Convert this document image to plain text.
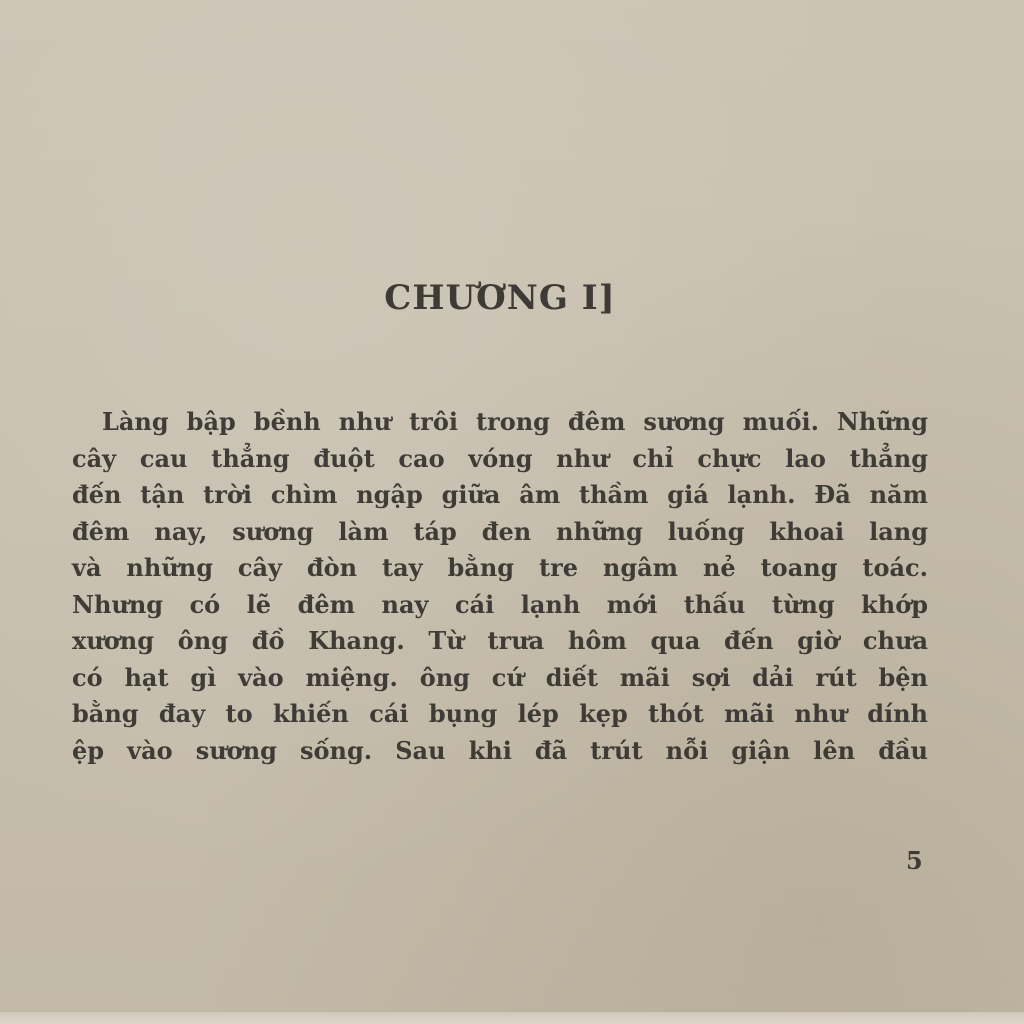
CHƯƠNG I]
Làng bập bềnh như trôi trong đêm sương muối. Những
cây cau thẳng đuột cao vóng như chỉ chực lao thẳng
đến tận trời chìm ngập giữa âm thầm giá lạnh. Đã năm
đêm nay, sương làm táp đen những luống khoai lang
và những cây đòn tay bằng tre ngâm nẻ toang toác.
Nhưng có lẽ đêm nay cái lạnh mới thấu từng khớp
xương ông đồ Khang. Từ trưa hôm qua đến giờ chưa
có hạt gì vào miệng. ông cứ diết mãi sợi dải rút bện
bằng đay to khiến cái bụng lép kẹp thót mãi như dính
ệp vào sương sống. Sau khi đã trút nỗi giận lên đầu
5
